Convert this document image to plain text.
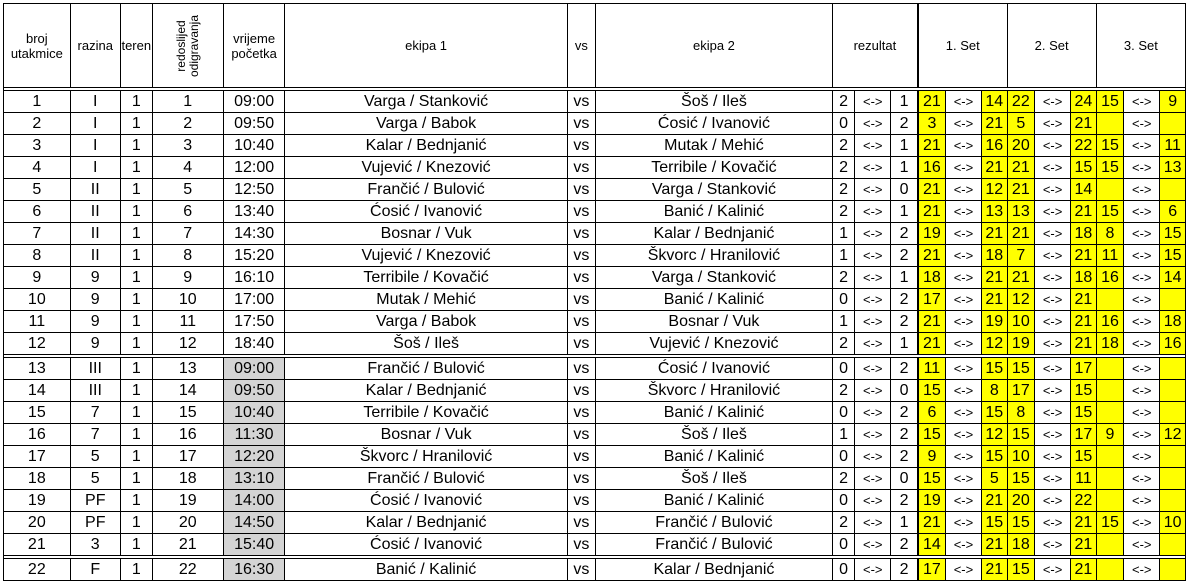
broj utakmice	razina	teren	redoslijed odigravanja	vrijeme početka	ekipa 1	vs	ekipa 2	rezultat			1. Set			2. Set			3. Set		

1	I	1	1	09:00	Varga / Stanković	vs	Šoš / Ileš	2	<->	1	21	<->	14	22	<->	24	15	<->	9
2	I	1	2	09:50	Varga / Babok	vs	Ćosić / Ivanović	0	<->	2	3	<->	21	5	<->	21		<->	
3	I	1	3	10:40	Kalar / Bednjanić	vs	Mutak / Mehić	2	<->	1	21	<->	16	20	<->	22	15	<->	11
4	I	1	4	12:00	Vujević / Knezović	vs	Terribile / Kovačić	2	<->	1	16	<->	21	21	<->	15	15	<->	13
5	II	1	5	12:50	Frančić / Bulović	vs	Varga / Stanković	2	<->	0	21	<->	12	21	<->	14		<->	
6	II	1	6	13:40	Ćosić / Ivanović	vs	Banić / Kalinić	2	<->	1	21	<->	13	13	<->	21	15	<->	6
7	II	1	7	14:30	Bosnar / Vuk	vs	Kalar / Bednjanić	1	<->	2	19	<->	21	21	<->	18	8	<->	15
8	II	1	8	15:20	Vujević / Knezović	vs	Škvorc / Hranilović	1	<->	2	21	<->	18	7	<->	21	11	<->	15
9	9	1	9	16:10	Terribile / Kovačić	vs	Varga / Stanković	2	<->	1	18	<->	21	21	<->	18	16	<->	14
10	9	1	10	17:00	Mutak / Mehić	vs	Banić / Kalinić	0	<->	2	17	<->	21	12	<->	21		<->	
11	9	1	11	17:50	Varga / Babok	vs	Bosnar / Vuk	1	<->	2	21	<->	19	10	<->	21	16	<->	18
12	9	1	12	18:40	Šoš / Ileš	vs	Vujević / Knezović	2	<->	1	21	<->	12	19	<->	21	18	<->	16

13	III	1	13	09:00	Frančić / Bulović	vs	Ćosić / Ivanović	0	<->	2	11	<->	15	15	<->	17		<->	
14	III	1	14	09:50	Kalar / Bednjanić	vs	Škvorc / Hranilović	2	<->	0	15	<->	8	17	<->	15		<->	
15	7	1	15	10:40	Terribile / Kovačić	vs	Banić / Kalinić	0	<->	2	6	<->	15	8	<->	15		<->	
16	7	1	16	11:30	Bosnar / Vuk	vs	Šoš / Ileš	1	<->	2	15	<->	12	15	<->	17	9	<->	12
17	5	1	17	12:20	Škvorc / Hranilović	vs	Banić / Kalinić	0	<->	2	9	<->	15	10	<->	15		<->	
18	5	1	18	13:10	Frančić / Bulović	vs	Šoš / Ileš	2	<->	0	15	<->	5	15	<->	11		<->	
19	PF	1	19	14:00	Ćosić / Ivanović	vs	Banić / Kalinić	0	<->	2	19	<->	21	20	<->	22		<->	
20	PF	1	20	14:50	Kalar / Bednjanić	vs	Frančić / Bulović	2	<->	1	21	<->	15	15	<->	21	15	<->	10
21	3	1	21	15:40	Ćosić / Ivanović	vs	Frančić / Bulović	0	<->	2	14	<->	21	18	<->	21		<->	

22	F	1	22	16:30	Banić / Kalinić	vs	Kalar / Bednjanić	0	<->	2	17	<->	21	15	<->	21		<->	
